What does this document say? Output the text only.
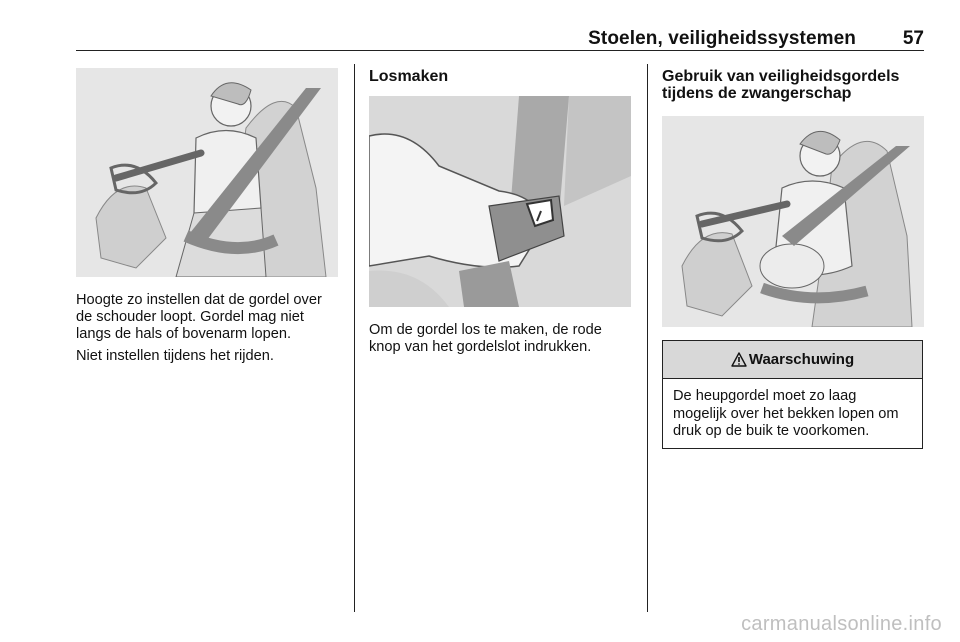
Stoelen, veiligheidssystemen 57

Hoogte zo instellen dat de gordel over de schouder loopt. Gordel mag niet langs de hals of bovenarm lopen.

Niet instellen tijdens het rijden.

Losmaken

Om de gordel los te maken, de rode knop van het gordelslot indrukken.

Gebruik van veiligheidsgordels tijdens de zwangerschap
Waarschuwing

De heupgordel moet zo laag mogelijk over het bekken lopen om druk op de buik te voorkomen.

carmanualsonline.info
